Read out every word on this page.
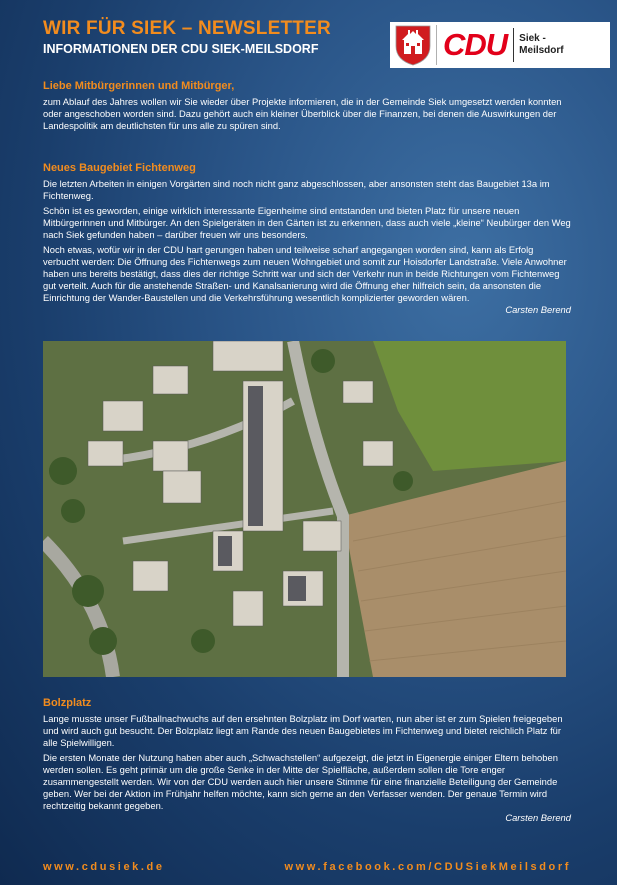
WIR FÜR SIEK – NEWSLETTER
INFORMATIONEN DER CDU SIEK-MEILSDORF	CDU Siek -
Meilsdorf
Liebe Mitbürgerinnen und Mitbürger,

zum Ablauf des Jahres wollen wir Sie wieder über Projekte informieren, die in der Gemeinde Siek umgesetzt werden konnten oder angeschoben worden sind. Dazu gehört auch ein kleiner Überblick über die Finanzen, bei denen die Auswirkungen der Landespolitik am deutlichsten für uns alle zu spüren sind.

Neues Baugebiet Fichtenweg

Die letzten Arbeiten in einigen Vorgärten sind noch nicht ganz abgeschlossen, aber ansonsten steht das Baugebiet 13a im Fichtenweg.

Schön ist es geworden, einige wirklich interessante Eigenheime sind entstanden und bieten Platz für unsere neuen Mitbürgerinnen und Mitbürger. An den Spielgeräten in den Gärten ist zu erkennen, dass auch viele „kleine“ Neubürger den Weg nach Siek gefunden haben – darüber freuen wir uns besonders.

Noch etwas, wofür wir in der CDU hart gerungen haben und teilweise scharf angegangen worden sind, kann als Erfolg verbucht werden: Die Öffnung des Fichtenwegs zum neuen Wohngebiet und somit zur Hoisdorfer Landstraße. Viele Anwohner haben uns bereits bestätigt, dass dies der richtige Schritt war und sich der Verkehr nun in beide Richtungen vom Fichtenweg gut verteilt. Auch für die anstehende Straßen- und Kanalsanierung wird die Öffnung eher hilfreich sein, da ansonsten die Einrichtung der Wander-Baustellen und die Verkehrsführung wesentlich komplizierter geworden wären.

Carsten Berend
Bolzplatz

Lange musste unser Fußballnachwuchs auf den ersehnten Bolzplatz im Dorf warten, nun aber ist er zum Spielen freigegeben und wird auch gut besucht. Der Bolzplatz liegt am Rande des neuen Baugebietes im Fichtenweg und bietet reichlich Platz für alle Spielwilligen.

Die ersten Monate der Nutzung haben aber auch „Schwachstellen“ aufgezeigt, die jetzt in Eigenergie einiger Eltern behoben werden sollen. Es geht primär um die große Senke in der Mitte der Spielfläche, außerdem sollen die Tore enger zusammengestellt werden. Wir von der CDU werden auch hier unsere Stimme für eine finanzielle Beteiligung der Gemeinde geben. Wer bei der Aktion im Frühjahr helfen möchte, kann sich gerne an den Verfasser wenden. Der genaue Termin wird rechtzeitig bekannt gegeben.

Carsten Berend
www.cdusiek.de	www.facebook.com/CDUSiekMeilsdorf
